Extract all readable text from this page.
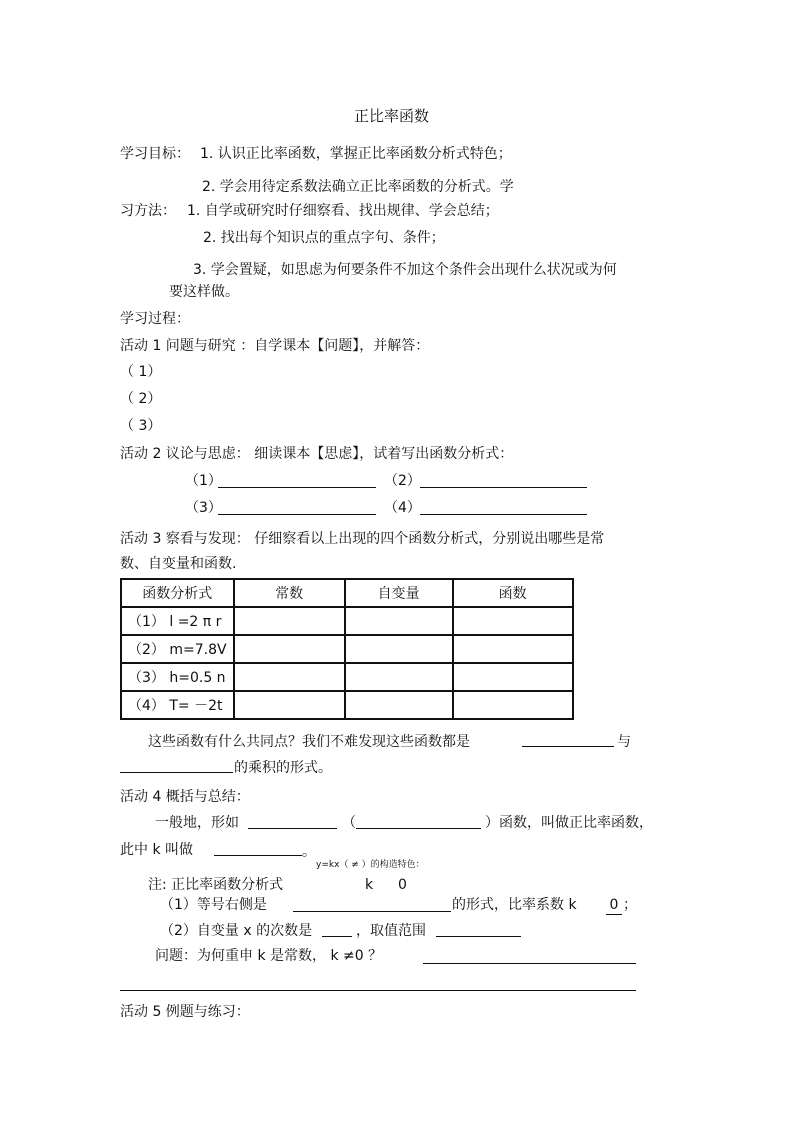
正比率函数
学习目标： 1. 认识正比率函数，掌握正比率函数分析式特色；
2. 学会用待定系数法确立正比率函数的分析式。学
习方法： 1. 自学或研究时仔细察看、找出规律、学会总结；
2. 找出每个知识点的重点字句、条件；
3. 学会置疑，如思虑为何要条件不加这个条件会出现什么状况或为何
要这样做。
学习过程：
活动 1 问题与研究 ：自学课本【问题】，并解答：
（ 1）
（ 2）
（ 3）
活动 2 议论与思虑： 细读课本【思虑】，试着写出函数分析式：
（1）	（2）
（3）	（4）
活动 3 察看与发现： 仔细察看以上出现的四个函数分析式，分别说出哪些是常
数、自变量和函数.
函数分析式	常数	自变量	函数
（1） l =2 π r			
（2） m=7.8V			
（3） h=0.5 n			
（4） T= －2t			
这些函数有什么共同点？我们不难发现这些函数都是	与
的乘积的形式。
活动 4 概括与总结：
一般地，形如	（	）函数，叫做正比率函数，
此中 k 叫做	。
y=kx（ ≠ ）的构造特色：
注: 正比率函数分析式	k 0
（1）等号右侧是	的形式，比率系数 k 0 ；
（2）自变量 x 的次数是	，取值范围
问题：为何重申 k 是常数， k ≠0 ？
活动 5 例题与练习：
